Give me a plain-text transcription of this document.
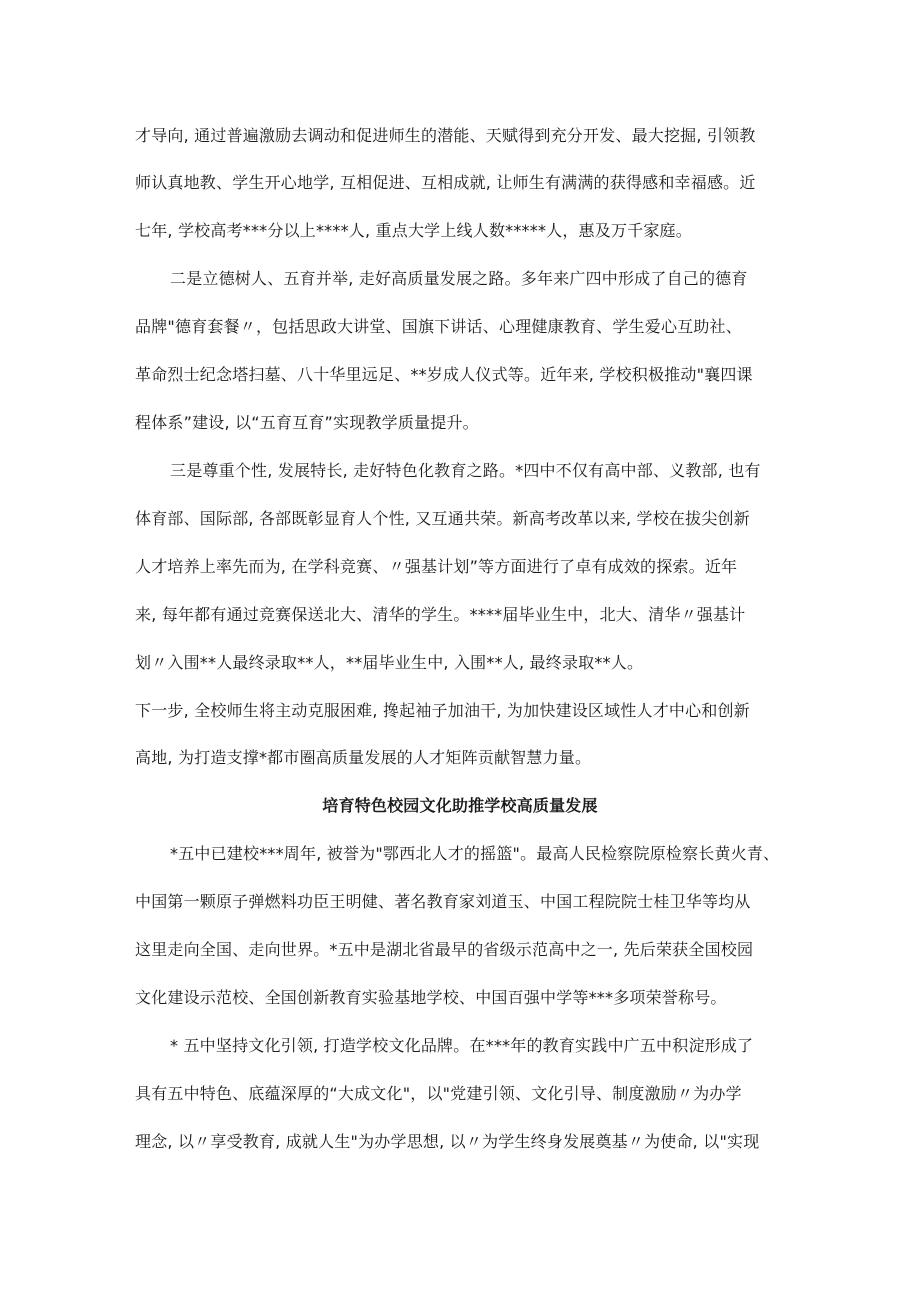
才导向, 通过普遍激励去调动和促进师生的潜能、天赋得到充分开发、最大挖掘, 引领教
师认真地教、学生开心地学, 互相促进、互相成就, 让师生有满满的获得感和幸福感。近
七年, 学校高考***分以上****人, 重点大学上线人数*****人，惠及万千家庭。
二是立德树人、五育并举, 走好高质量发展之路。多年来广四中形成了自己的德育
品牌"德育套餐〃，包括思政大讲堂、国旗下讲话、心理健康教育、学生爱心互助社、
革命烈士纪念塔扫墓、八十华里远足、**岁成人仪式等。近年来, 学校积极推动"襄四课
程体系”建设, 以“五育互育”实现教学质量提升。
三是尊重个性, 发展特长, 走好特色化教育之路。*四中不仅有高中部、义教部, 也有
体育部、国际部, 各部既彰显育人个性, 又互通共荣。新高考改革以来, 学校在拔尖创新
人才培养上率先而为, 在学科竞赛、〃强基计划”等方面进行了卓有成效的探索。近年
来, 每年都有通过竞赛保送北大、清华的学生。****届毕业生中，北大、清华〃强基计
划〃入围**人最终录取**人，**届毕业生中, 入围**人, 最终录取**人。
下一步, 全校师生将主动克服困难, 搀起袖子加油干, 为加快建设区域性人才中心和创新
高地, 为打造支撑*都市圈高质量发展的人才矩阵贡献智慧力量。
培育特色校园文化助推学校高质量发展
*五中已建校***周年, 被誉为"鄂西北人才的摇篮"。最高人民检察院原检察长黄火青、
中国第一颗原子弹燃料功臣王明健、著名教育家刘道玉、中国工程院院士桂卫华等均从
这里走向全国、走向世界。*五中是湖北省最早的省级示范高中之一, 先后荣获全国校园
文化建设示范校、全国创新教育实验基地学校、中国百强中学等***多项荣誉称号。
* 五中坚持文化引领, 打造学校文化品牌。在***年的教育实践中广五中积淀形成了
具有五中特色、底蕴深厚的“大成文化"，以"党建引领、文化引导、制度激励〃为办学
理念, 以〃享受教育, 成就人生"为办学思想, 以〃为学生终身发展奠基〃为使命, 以"实现
